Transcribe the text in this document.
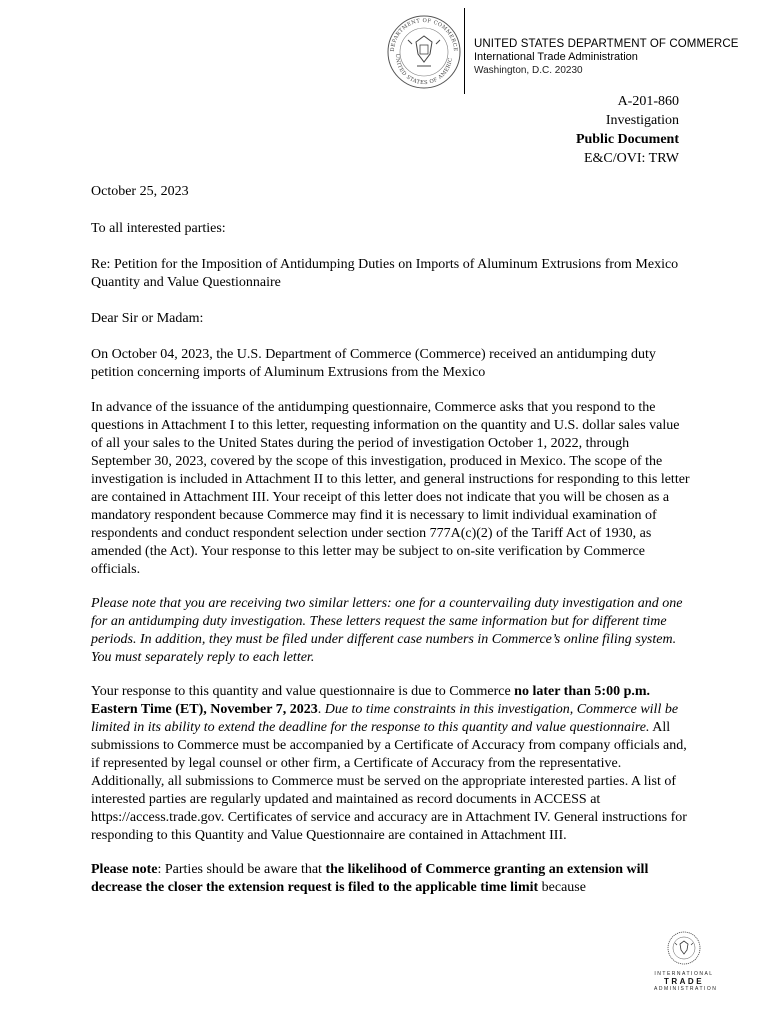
DEPARTMENT OF COMMERCE
UNITED STATES OF AMERIC
UNITED STATES DEPARTMENT OF COMMERCE
International Trade Administration
Washington, D.C. 20230
A-201-860
Investigation
Public Document
E&C/OVI: TRW

October 25, 2023

To all interested parties:

Re: Petition for the Imposition of Antidumping Duties on Imports of Aluminum Extrusions from Mexico Quantity and Value Questionnaire

Dear Sir or Madam:

On October 04, 2023, the U.S. Department of Commerce (Commerce) received an antidumping duty petition concerning imports of Aluminum Extrusions from the Mexico

In advance of the issuance of the antidumping questionnaire, Commerce asks that you respond to the questions in Attachment I to this letter, requesting information on the quantity and U.S. dollar sales value of all your sales to the United States during the period of investigation October 1, 2022, through September 30, 2023, covered by the scope of this investigation, produced in Mexico. The scope of the investigation is included in Attachment II to this letter, and general instructions for responding to this letter are contained in Attachment III. Your receipt of this letter does not indicate that you will be chosen as a mandatory respondent because Commerce may find it is necessary to limit individual examination of respondents and conduct respondent selection under section 777A(c)(2) of the Tariff Act of 1930, as amended (the Act). Your response to this letter may be subject to on-site verification by Commerce officials.

Please note that you are receiving two similar letters: one for a countervailing duty investigation and one for an antidumping duty investigation. These letters request the same information but for different time periods. In addition, they must be filed under different case numbers in Commerce’s online filing system. You must separately reply to each letter.

Your response to this quantity and value questionnaire is due to Commerce no later than 5:00 p.m. Eastern Time (ET), November 7, 2023. Due to time constraints in this investigation, Commerce will be limited in its ability to extend the deadline for the response to this quantity and value questionnaire. All submissions to Commerce must be accompanied by a Certificate of Accuracy from company officials and, if represented by legal counsel or other firm, a Certificate of Accuracy from the representative. Additionally, all submissions to Commerce must be served on the appropriate interested parties. A list of interested parties are regularly updated and maintained as record documents in ACCESS at https://access.trade.gov. Certificates of service and accuracy are in Attachment IV. General instructions for responding to this Quantity and Value Questionnaire are contained in Attachment III.

Please note: Parties should be aware that the likelihood of Commerce granting an extension will decrease the closer the extension request is filed to the applicable time limit because

INTERNATIONAL
TRADE
ADMINISTRATION
